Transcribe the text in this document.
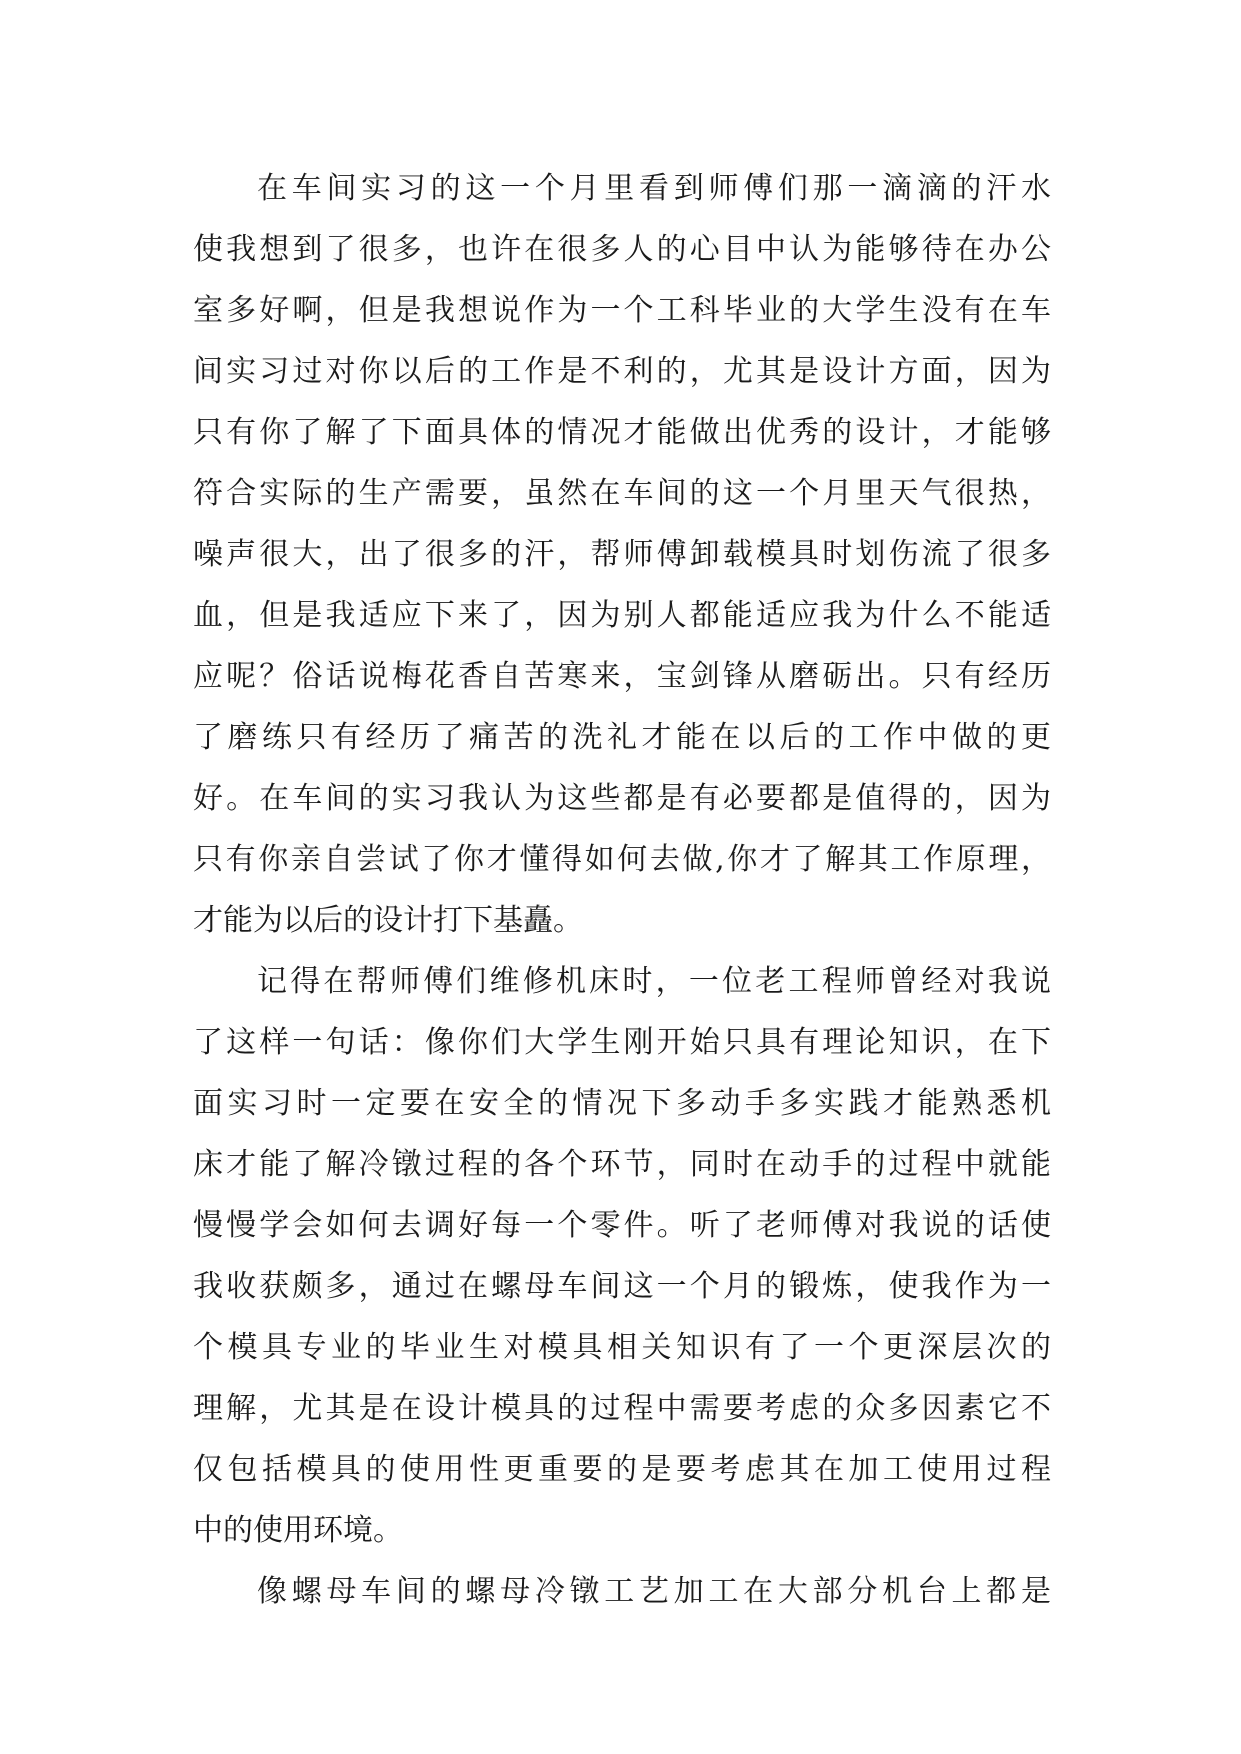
在车间实习的这一个月里看到师傅们那一滴滴的汗水
使我想到了很多，也许在很多人的心目中认为能够待在办公
室多好啊，但是我想说作为一个工科毕业的大学生没有在车
间实习过对你以后的工作是不利的，尤其是设计方面，因为
只有你了解了下面具体的情况才能做出优秀的设计，才能够
符合实际的生产需要，虽然在车间的这一个月里天气很热，
噪声很大，出了很多的汗，帮师傅卸载模具时划伤流了很多
血，但是我适应下来了，因为别人都能适应我为什么不能适
应呢？俗话说梅花香自苦寒来，宝剑锋从磨砺出。只有经历
了磨练只有经历了痛苦的洗礼才能在以后的工作中做的更
好。在车间的实习我认为这些都是有必要都是值得的，因为
只有你亲自尝试了你才懂得如何去做,你才了解其工作原理，
才能为以后的设计打下基矗。
记得在帮师傅们维修机床时，一位老工程师曾经对我说
了这样一句话：像你们大学生刚开始只具有理论知识，在下
面实习时一定要在安全的情况下多动手多实践才能熟悉机
床才能了解冷镦过程的各个环节，同时在动手的过程中就能
慢慢学会如何去调好每一个零件。听了老师傅对我说的话使
我收获颇多，通过在螺母车间这一个月的锻炼，使我作为一
个模具专业的毕业生对模具相关知识有了一个更深层次的
理解，尤其是在设计模具的过程中需要考虑的众多因素它不
仅包括模具的使用性更重要的是要考虑其在加工使用过程
中的使用环境。
像螺母车间的螺母冷镦工艺加工在大部分机台上都是
